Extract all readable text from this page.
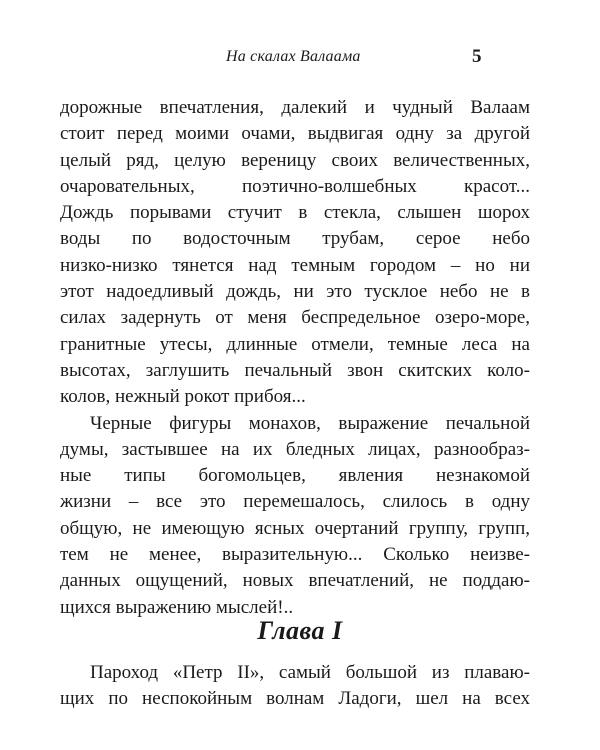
На скалах Валаама	5
дорожные впечатления, далекий и чудный Валаам
стоит перед моими очами, выдвигая одну за другой
целый ряд, целую вереницу своих величественных,
очаровательных, поэтично-волшебных красот...
Дождь порывами стучит в стекла, слышен шорох
воды по водосточным трубам, серое небо
низко-низко тянется над темным городом – но ни
этот надоедливый дождь, ни это тусклое небо не в
силах задернуть от меня беспредельное озеро-море,
гранитные утесы, длинные отмели, темные леса на
высотах, заглушить печальный звон скитских коло-
колов, нежный рокот прибоя...
Черные фигуры монахов, выражение печальной
думы, застывшее на их бледных лицах, разнообраз-
ные типы богомольцев, явления незнакомой
жизни – все это перемешалось, слилось в одну
общую, не имеющую ясных очертаний группу, групп,
тем не менее, выразительную... Сколько неизве-
данных ощущений, новых впечатлений, не поддаю-
щихся выражению мыслей!..
Глава I
Пароход «Петр II», самый большой из плаваю-
щих по неспокойным волнам Ладоги, шел на всех
